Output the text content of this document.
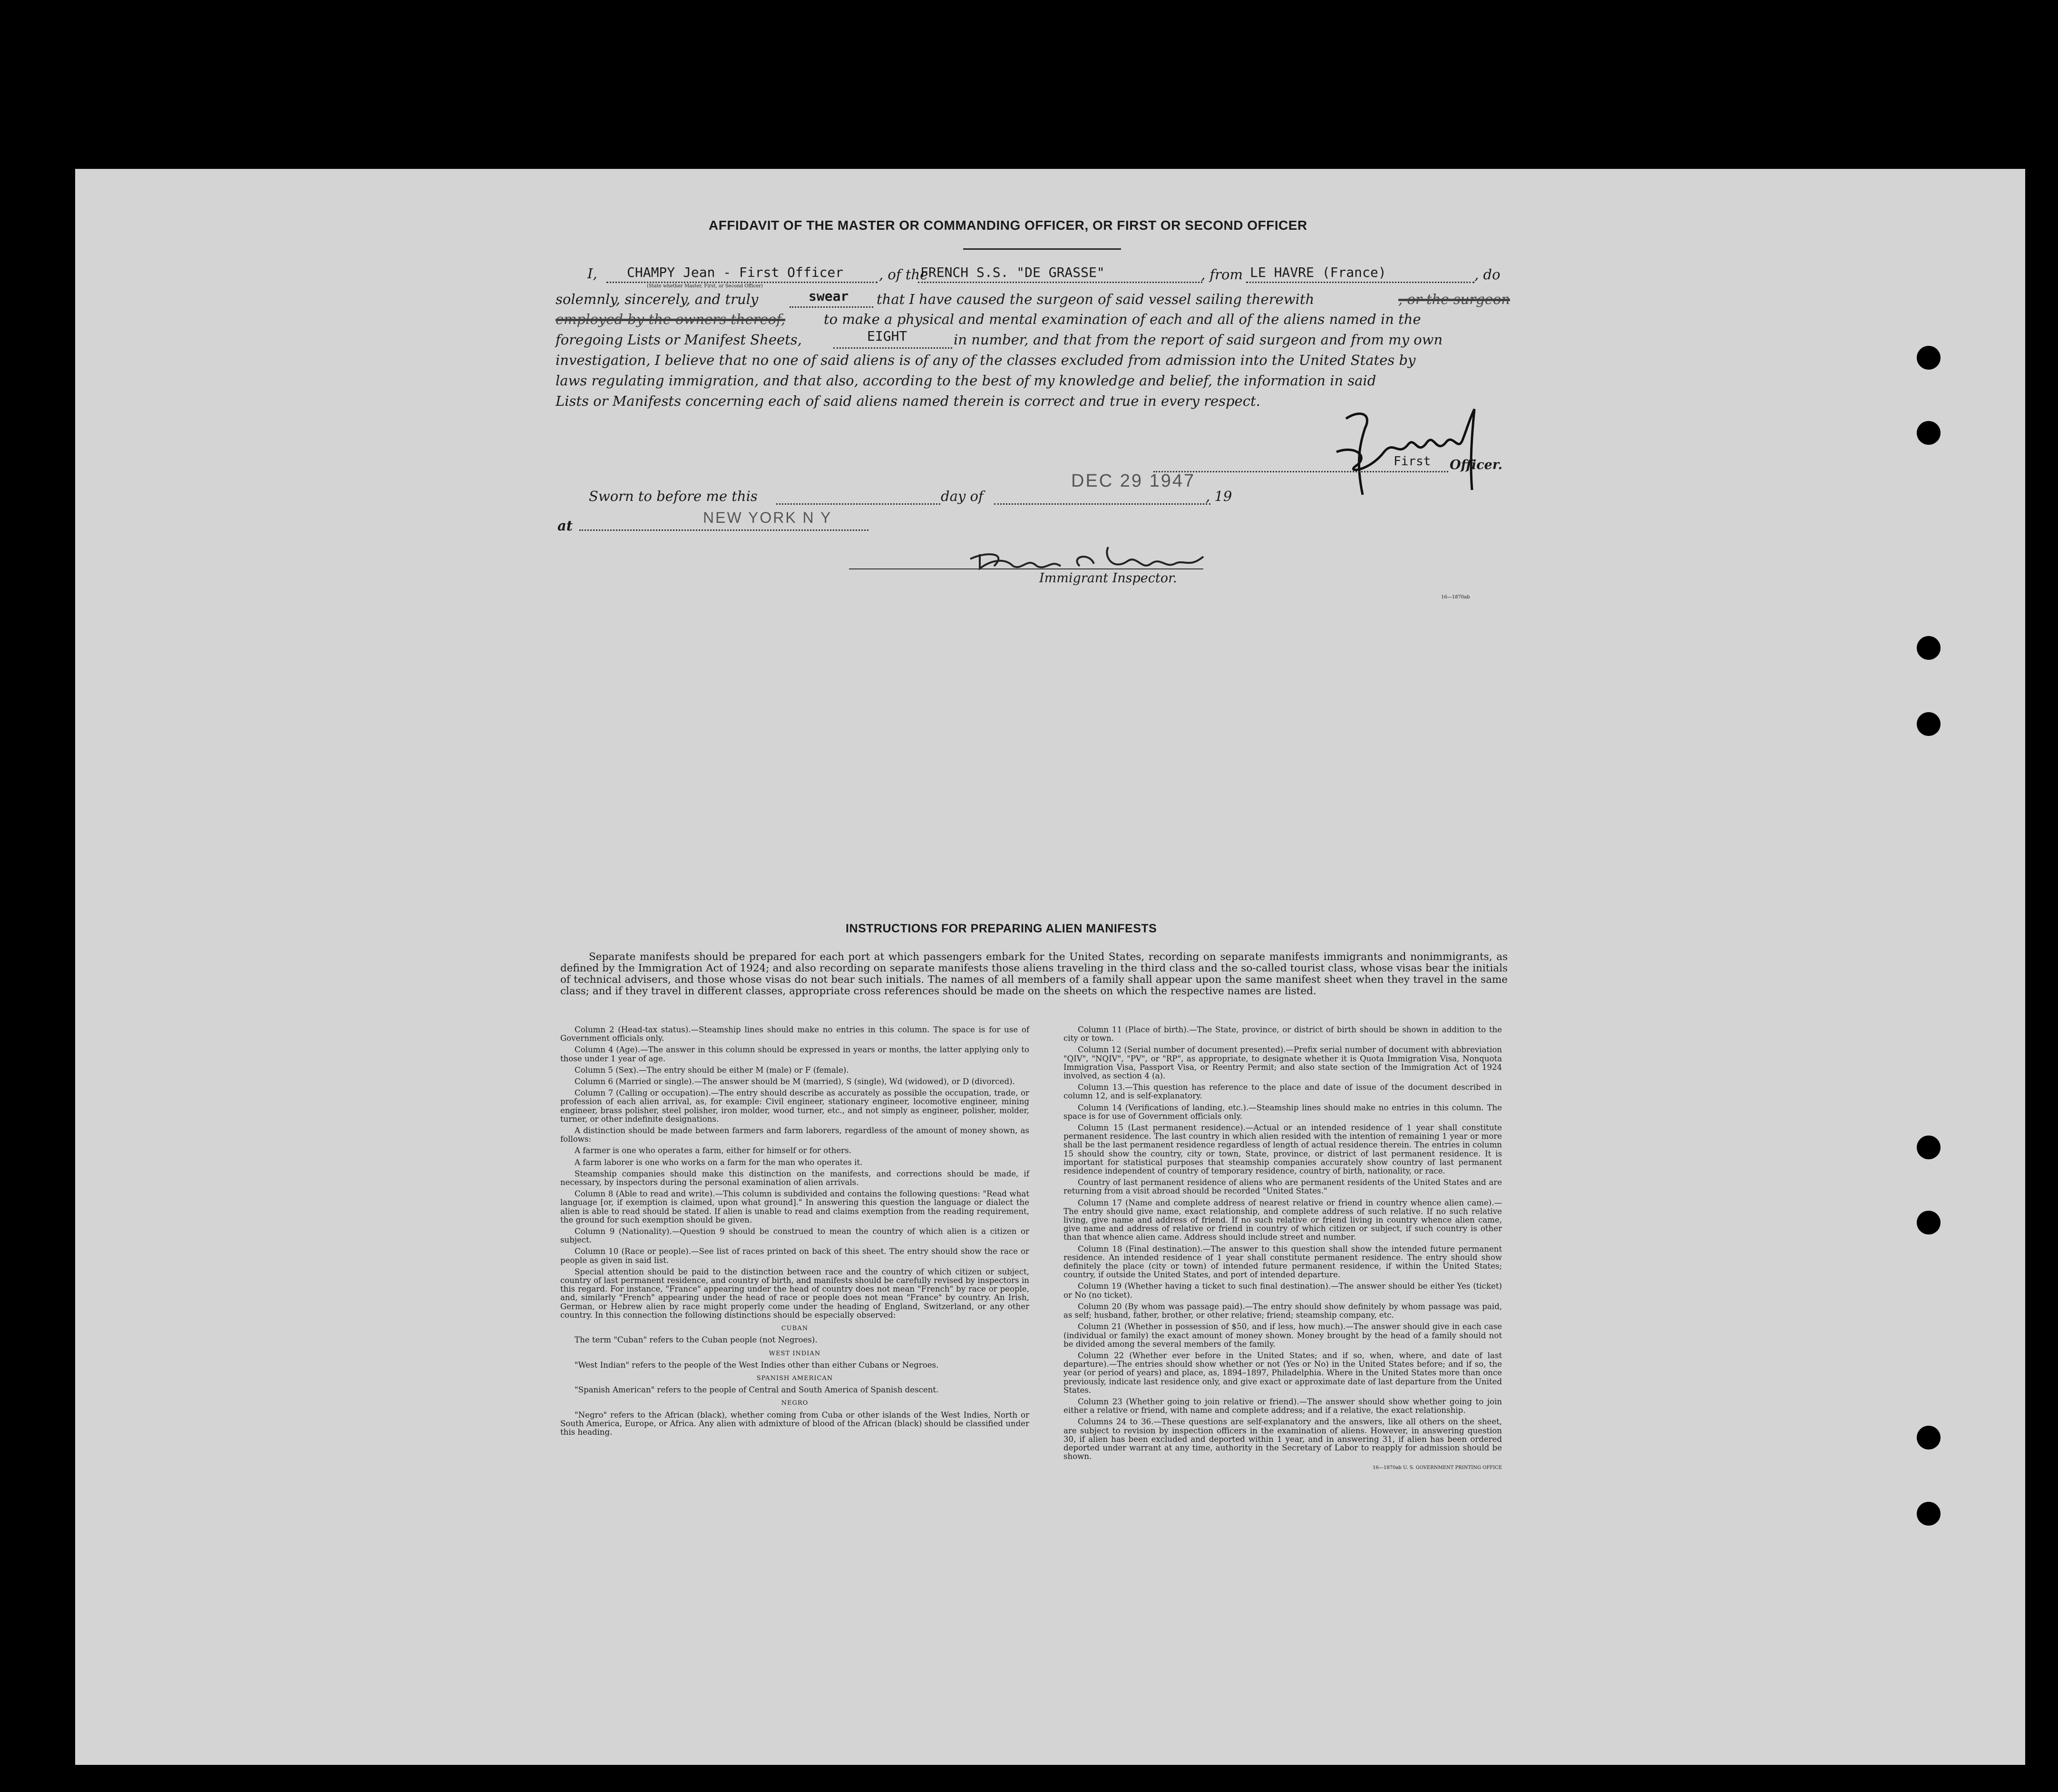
AFFIDAVIT OF THE MASTER OR COMMANDING OFFICER, OR FIRST OR SECOND OFFICER
I, CHAMPY Jean - First Officer
(State whether Master, First, or Second Officer)
, of the
FRENCH S.S. "DE GRASSE"	, from LE HAVRE (France)	, do
solemnly, sincerely, and truly	swear that I have caused the surgeon of said vessel sailing therewith	, or the surgeon
employed by the owners thereof,	to make a physical and mental examination of each and all of the aliens named in the
foregoing Lists or Manifest Sheets,	EIGHT	in number, and that from the report of said surgeon and from my own
investigation, I believe that no one of said aliens is of any of the classes excluded from admission into the United States by
laws regulating immigration, and that also, according to the best of my knowledge and belief, the information in said
Lists or Manifests concerning each of said aliens named therein is correct and true in every respect.
First Officer.
Sworn to before me this	day of
DEC 29 1947
, 19
at	NEW YORK N Y
Immigrant Inspector.
16—1870ab
INSTRUCTIONS FOR PREPARING ALIEN MANIFESTS

Separate manifests should be prepared for each port at which passengers embark for the United States, recording on separate manifests immigrants and nonimmigrants, as defined by the Immigration Act of 1924; and also recording on separate manifests those aliens traveling in the third class and the so-called tourist class, whose visas bear the initials of technical advisers, and those whose visas do not bear such initials. The names of all members of a family shall appear upon the same manifest sheet when they travel in the same class; and if they travel in different classes, appropriate cross references should be made on the sheets on which the respective names are listed.

Column 2 (Head-tax status).—Steamship lines should make no entries in this column. The space is for use of Government officials only.

Column 4 (Age).—The answer in this column should be expressed in years or months, the latter applying only to those under 1 year of age.

Column 5 (Sex).—The entry should be either M (male) or F (female).

Column 6 (Married or single).—The answer should be M (married), S (single), Wd (widowed), or D (divorced).

Column 7 (Calling or occupation).—The entry should describe as accurately as possible the occupation, trade, or profession of each alien arrival, as, for example: Civil engineer, stationary engineer, locomotive engineer, mining engineer, brass polisher, steel polisher, iron molder, wood turner, etc., and not simply as engineer, polisher, molder, turner, or other indefinite designations.

A distinction should be made between farmers and farm laborers, regardless of the amount of money shown, as follows:

A farmer is one who operates a farm, either for himself or for others.

A farm laborer is one who works on a farm for the man who operates it.

Steamship companies should make this distinction on the manifests, and corrections should be made, if necessary, by inspectors during the personal examination of alien arrivals.

Column 8 (Able to read and write).—This column is subdivided and contains the following questions: "Read what language [or, if exemption is claimed, upon what ground]." In answering this question the language or dialect the alien is able to read should be stated. If alien is unable to read and claims exemption from the reading requirement, the ground for such exemption should be given.

Column 9 (Nationality).—Question 9 should be construed to mean the country of which alien is a citizen or subject.

Column 10 (Race or people).—See list of races printed on back of this sheet. The entry should show the race or people as given in said list.

Special attention should be paid to the distinction between race and the country of which citizen or subject, country of last permanent residence, and country of birth, and manifests should be carefully revised by inspectors in this regard. For instance, "France" appearing under the head of country does not mean "French" by race or people, and, similarly "French" appearing under the head of race or people does not mean "France" by country. An Irish, German, or Hebrew alien by race might properly come under the heading of England, Switzerland, or any other country. In this connection the following distinctions should be especially observed:

CUBAN

The term "Cuban" refers to the Cuban people (not Negroes).

WEST INDIAN

"West Indian" refers to the people of the West Indies other than either Cubans or Negroes.

SPANISH AMERICAN

"Spanish American" refers to the people of Central and South America of Spanish descent.

NEGRO

"Negro" refers to the African (black), whether coming from Cuba or other islands of the West Indies, North or South America, Europe, or Africa. Any alien with admixture of blood of the African (black) should be classified under this heading.

Column 11 (Place of birth).—The State, province, or district of birth should be shown in addition to the city or town.

Column 12 (Serial number of document presented).—Prefix serial number of document with abbreviation "QIV", "NQIV", "PV", or "RP", as appropriate, to designate whether it is Quota Immigration Visa, Nonquota Immigration Visa, Passport Visa, or Reentry Permit; and also state section of the Immigration Act of 1924 involved, as section 4 (a).

Column 13.—This question has reference to the place and date of issue of the document described in column 12, and is self-explanatory.

Column 14 (Verifications of landing, etc.).—Steamship lines should make no entries in this column. The space is for use of Government officials only.

Column 15 (Last permanent residence).—Actual or an intended residence of 1 year shall constitute permanent residence. The last country in which alien resided with the intention of remaining 1 year or more shall be the last permanent residence regardless of length of actual residence therein. The entries in column 15 should show the country, city or town, State, province, or district of last permanent residence. It is important for statistical purposes that steamship companies accurately show country of last permanent residence independent of country of temporary residence, country of birth, nationality, or race.

Country of last permanent residence of aliens who are permanent residents of the United States and are returning from a visit abroad should be recorded "United States."

Column 17 (Name and complete address of nearest relative or friend in country whence alien came).—The entry should give name, exact relationship, and complete address of such relative. If no such relative living, give name and address of friend. If no such relative or friend living in country whence alien came, give name and address of relative or friend in country of which citizen or subject, if such country is other than that whence alien came. Address should include street and number.

Column 18 (Final destination).—The answer to this question shall show the intended future permanent residence. An intended residence of 1 year shall constitute permanent residence. The entry should show definitely the place (city or town) of intended future permanent residence, if within the United States; country, if outside the United States, and port of intended departure.

Column 19 (Whether having a ticket to such final destination).—The answer should be either Yes (ticket) or No (no ticket).

Column 20 (By whom was passage paid).—The entry should show definitely by whom passage was paid, as self; husband, father, brother, or other relative; friend; steamship company, etc.

Column 21 (Whether in possession of $50, and if less, how much).—The answer should give in each case (individual or family) the exact amount of money shown. Money brought by the head of a family should not be divided among the several members of the family.

Column 22 (Whether ever before in the United States; and if so, when, where, and date of last departure).—The entries should show whether or not (Yes or No) in the United States before; and if so, the year (or period of years) and place, as, 1894–1897, Philadelphia. Where in the United States more than once previously, indicate last residence only, and give exact or approximate date of last departure from the United States.

Column 23 (Whether going to join relative or friend).—The answer should show whether going to join either a relative or friend, with name and complete address; and if a relative, the exact relationship.

Columns 24 to 36.—These questions are self-explanatory and the answers, like all others on the sheet, are subject to revision by inspection officers in the examination of aliens. However, in answering question 30, if alien has been excluded and deported within 1 year, and in answering 31, if alien has been ordered deported under warrant at any time, authority in the Secretary of Labor to reapply for admission should be shown.

16—1870ab U. S. GOVERNMENT PRINTING OFFICE
